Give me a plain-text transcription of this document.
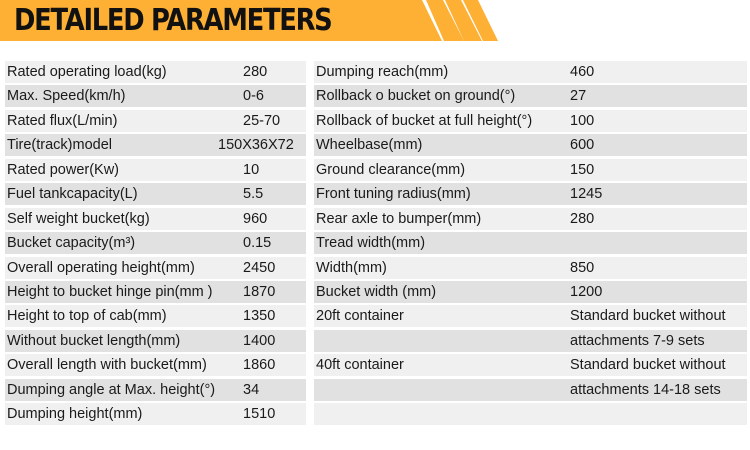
DETAILED PARAMETERS
Rated operating load(kg)	280
Max. Speed(km/h)	0-6
Rated flux(L/min)	25-70
Tire(track)model	150X36X72
Rated power(Kw)	10
Fuel tankcapacity(L)	5.5
Self weight bucket(kg)	960
Bucket capacity(m³)	0.15
Overall operating height(mm)	2450
Height to bucket hinge pin(mm ) 1870
Height to top of cab(mm)	1350
Without bucket length(mm)	1400
Overall length with bucket(mm) 1860
Dumping angle at Max. height(°) 34
Dumping height(mm)	1510
Dumping reach(mm)	460
Rollback o bucket on ground(°)	27
Rollback of bucket at full height(°)	100
Wheelbase(mm)	600
Ground clearance(mm)	150
Front tuning radius(mm)	1245
Rear axle to bumper(mm)	280
Tread width(mm)
Width(mm)	850
Bucket width (mm)	1200
20ft container	Standard bucket without
attachments 7-9 sets
40ft container	Standard bucket without
attachments 14-18 sets
